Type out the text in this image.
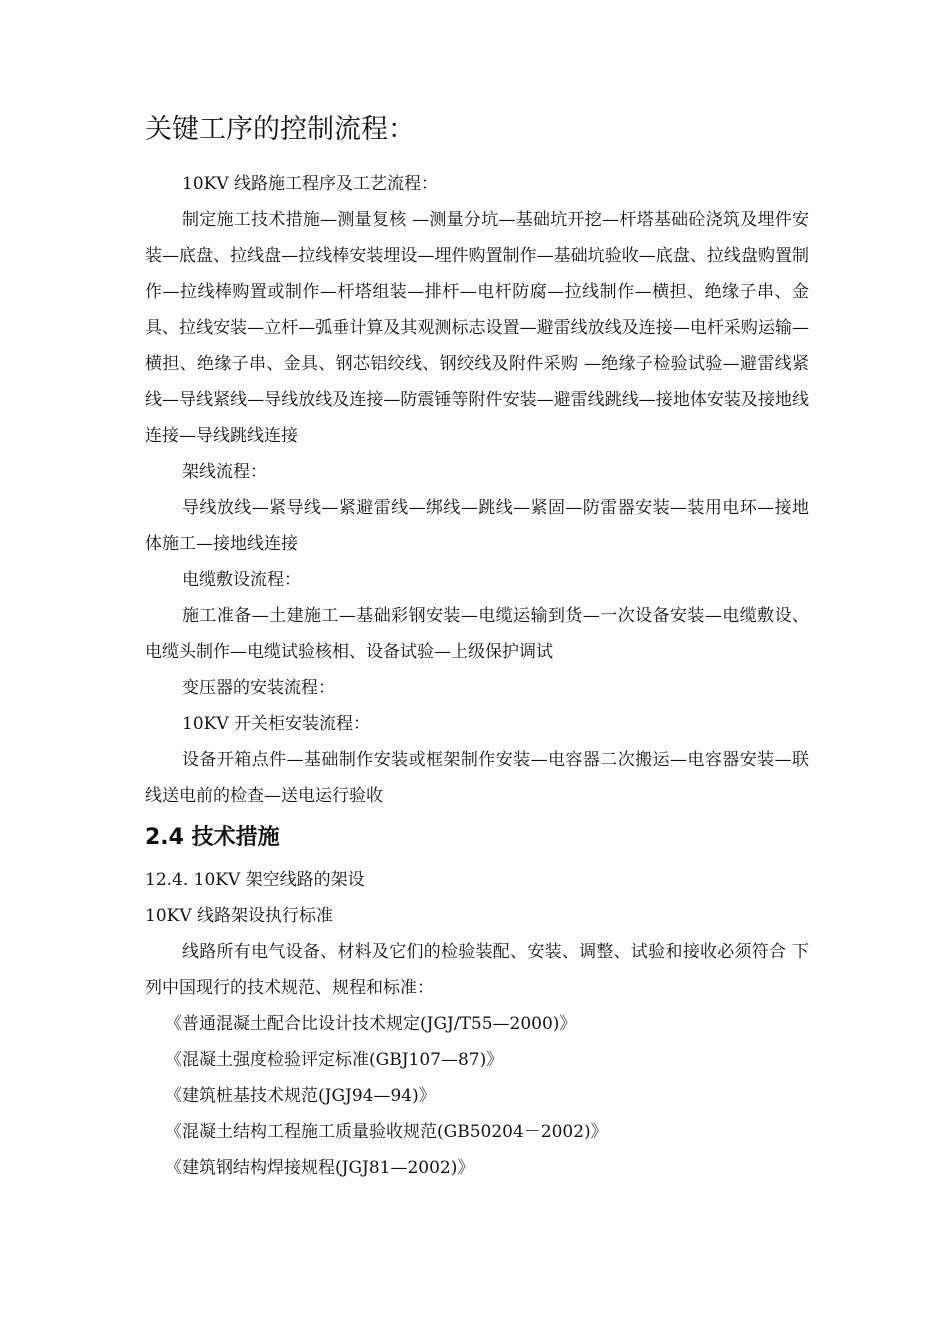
关键工序的控制流程：

10KV 线路施工程序及工艺流程：

制定施工技术措施—测量复核 —测量分坑—基础坑开挖—杆塔基础砼浇筑及埋件安装—底盘、拉线盘—拉线棒安装埋设—埋件购置制作—基础坑验收—底盘、拉线盘购置制作—拉线棒购置或制作—杆塔组装—排杆—电杆防腐—拉线制作—横担、绝缘子串、金具、拉线安装—立杆—弧垂计算及其观测标志设置—避雷线放线及连接—电杆采购运输—横担、绝缘子串、金具、钢芯铝绞线、钢绞线及附件采购 —绝缘子检验试验—避雷线紧线—导线紧线—导线放线及连接—防震锤等附件安装—避雷线跳线—接地体安装及接地线连接—导线跳线连接

架线流程：

导线放线—紧导线—紧避雷线—绑线—跳线—紧固—防雷器安装—装用电环—接地体施工—接地线连接

电缆敷设流程：

施工准备—土建施工—基础彩钢安装—电缆运输到货—一次设备安装—电缆敷设、电缆头制作—电缆试验核相、设备试验—上级保护调试

变压器的安装流程：

10KV 开关柜安装流程：

设备开箱点件—基础制作安装或框架制作安装—电容器二次搬运—电容器安装—联线送电前的检查—送电运行验收

2.4 技术措施

12.4. 10KV 架空线路的架设

10KV 线路架设执行标准

线路所有电气设备、材料及它们的检验装配、安装、调整、试验和接收必须符合 下列中国现行的技术规范、规程和标准：

《普通混凝土配合比设计技术规定(JGJ/T55—2000)》

《混凝土强度检验评定标准(GBJ107—87)》

《建筑桩基技术规范(JGJ94—94)》

《混凝土结构工程施工质量验收规范(GB50204－2002)》

《建筑钢结构焊接规程(JGJ81—2002)》
